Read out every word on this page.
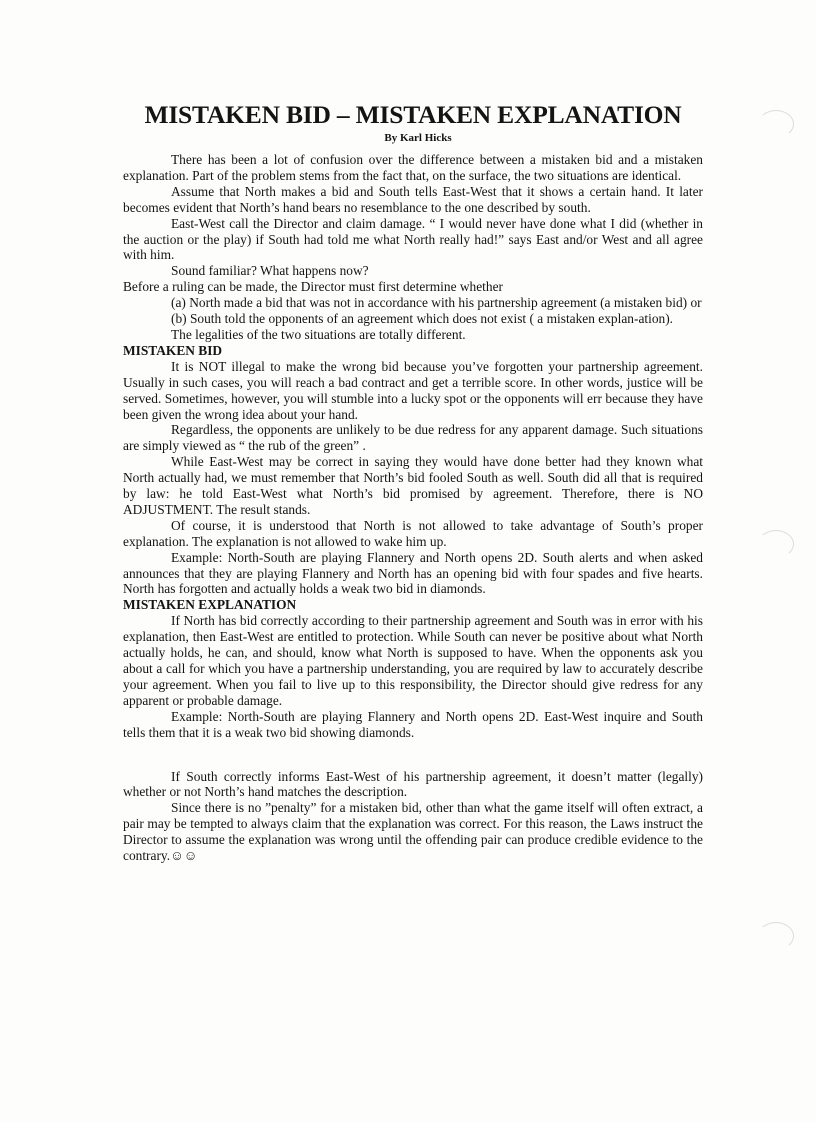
MISTAKEN BID – MISTAKEN EXPLANATION
By Karl Hicks

There has been a lot of confusion over the difference between a mistaken bid and a mistaken explanation. Part of the problem stems from the fact that, on the surface, the two situations are identical.

Assume that North makes a bid and South tells East-West that it shows a certain hand. It later becomes evident that North’s hand bears no resemblance to the one described by south.

East-West call the Director and claim damage. “ I would never have done what I did (whether in the auction or the play) if South had told me what North really had!” says East and/or West and all agree with him.

Sound familiar? What happens now?

Before a ruling can be made, the Director must first determine whether

(a) North made a bid that was not in accordance with his partnership agreement (a mistaken bid) or

(b) South told the opponents of an agreement which does not exist ( a mistaken explan-ation).

The legalities of the two situations are totally different.

MISTAKEN BID

It is NOT illegal to make the wrong bid because you’ve forgotten your partnership agreement. Usually in such cases, you will reach a bad contract and get a terrible score. In other words, justice will be served. Sometimes, however, you will stumble into a lucky spot or the opponents will err because they have been given the wrong idea about your hand.

Regardless, the opponents are unlikely to be due redress for any apparent damage. Such situations are simply viewed as “ the rub of the green” .

While East-West may be correct in saying they would have done better had they known what North actually had, we must remember that North’s bid fooled South as well. South did all that is required by law: he told East-West what North’s bid promised by agreement. Therefore, there is NO ADJUSTMENT. The result stands.

Of course, it is understood that North is not allowed to take advantage of South’s proper explanation. The explanation is not allowed to wake him up.

Example: North-South are playing Flannery and North opens 2D. South alerts and when asked announces that they are playing Flannery and North has an opening bid with four spades and five hearts. North has forgotten and actually holds a weak two bid in diamonds.

MISTAKEN EXPLANATION

If North has bid correctly according to their partnership agreement and South was in error with his explanation, then East-West are entitled to protection. While South can never be positive about what North actually holds, he can, and should, know what North is supposed to have. When the opponents ask you about a call for which you have a partnership understanding, you are required by law to accurately describe your agreement. When you fail to live up to this responsibility, the Director should give redress for any apparent or probable damage.

Example: North-South are playing Flannery and North opens 2D. East-West inquire and South tells them that it is a weak two bid showing diamonds.

If South correctly informs East-West of his partnership agreement, it doesn’t matter (legally) whether or not North’s hand matches the description.

Since there is no ”penalty” for a mistaken bid, other than what the game itself will often extract, a pair may be tempted to always claim that the explanation was correct. For this reason, the Laws instruct the Director to assume the explanation was wrong until the offending pair can produce credible evidence to the contrary.☺☺
